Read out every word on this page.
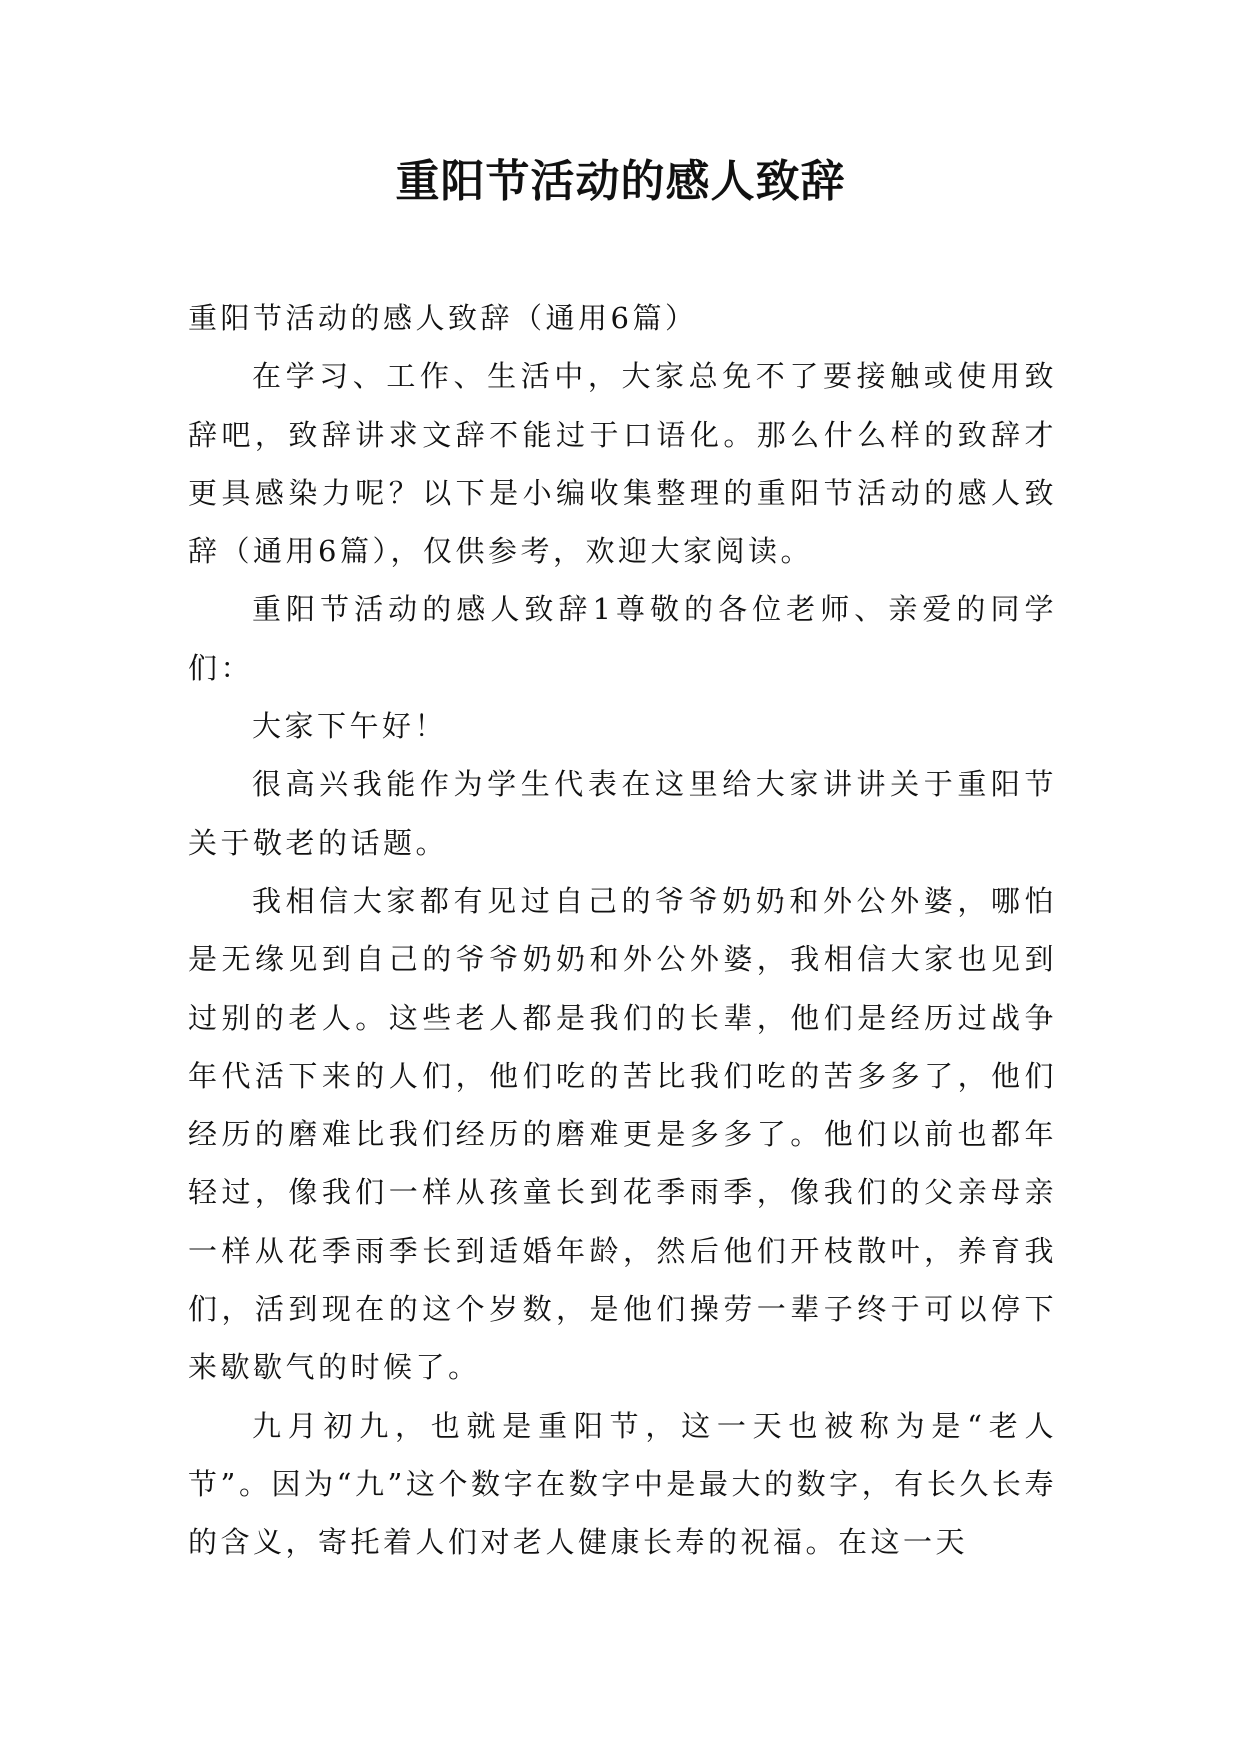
重阳节活动的感人致辞

重阳节活动的感人致辞（通用6篇）

在学习、工作、生活中，大家总免不了要接触或使用致辞吧，致辞讲求文辞不能过于口语化。那么什么样的致辞才更具感染力呢？以下是小编收集整理的重阳节活动的感人致辞（通用6篇），仅供参考，欢迎大家阅读。

重阳节活动的感人致辞1尊敬的各位老师、亲爱的同学们：

大家下午好！

很高兴我能作为学生代表在这里给大家讲讲关于重阳节关于敬老的话题。

我相信大家都有见过自己的爷爷奶奶和外公外婆，哪怕是无缘见到自己的爷爷奶奶和外公外婆，我相信大家也见到过别的老人。这些老人都是我们的长辈，他们是经历过战争年代活下来的人们，他们吃的苦比我们吃的苦多多了，他们经历的磨难比我们经历的磨难更是多多了。他们以前也都年轻过，像我们一样从孩童长到花季雨季，像我们的父亲母亲一样从花季雨季长到适婚年龄，然后他们开枝散叶，养育我们，活到现在的这个岁数，是他们操劳一辈子终于可以停下来歇歇气的时候了。

九月初九，也就是重阳节，这一天也被称为是“老人节”。因为“九”这个数字在数字中是最大的数字，有长久长寿的含义，寄托着人们对老人健康长寿的祝福。在这一天
